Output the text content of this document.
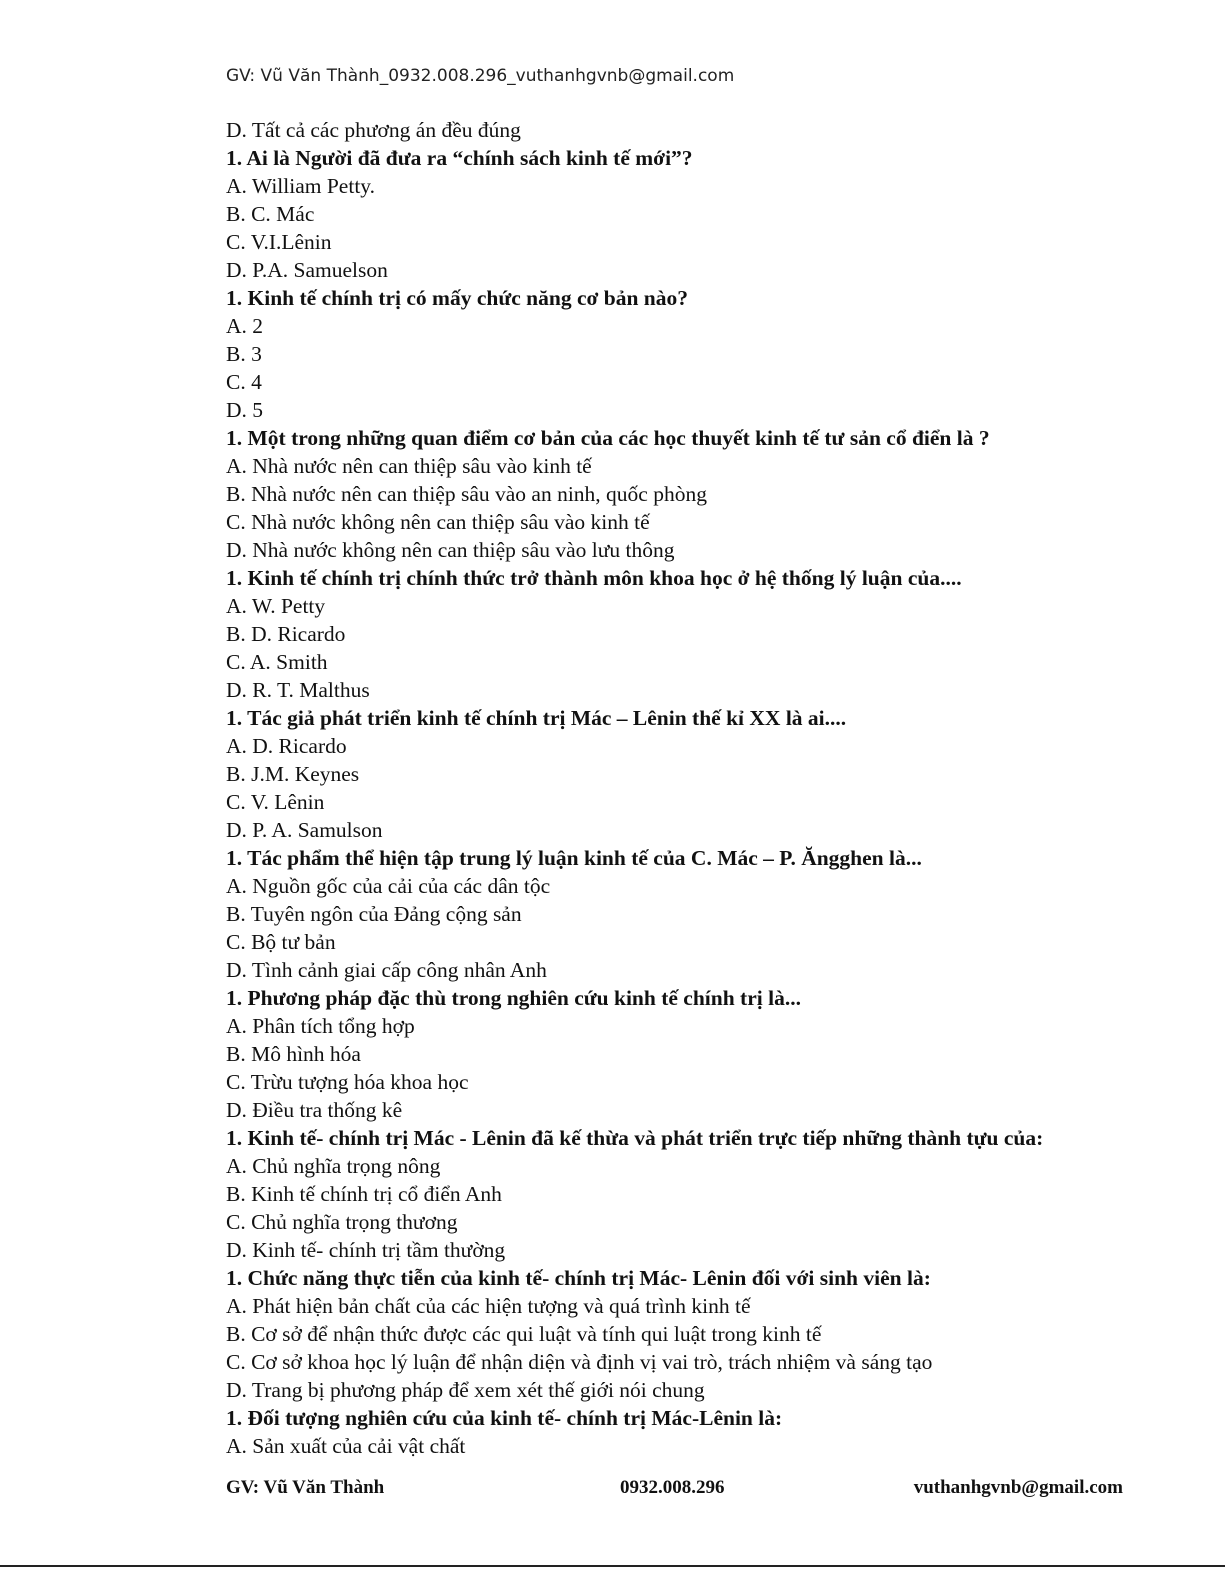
GV: Vũ Văn Thành_0932.008.296_vuthanhgvnb@gmail.com
D. Tất cả các phương án đều đúng
1. Ai là Người đã đưa ra “chính sách kinh tế mới”?
A. William Petty.
B. C. Mác
C. V.I.Lênin
D. P.A. Samuelson
1. Kinh tế chính trị có mấy chức năng cơ bản nào?
A. 2
B. 3
C. 4
D. 5
1. Một trong những quan điểm cơ bản của các học thuyết kinh tế tư sản cổ điển là ?
A. Nhà nước nên can thiệp sâu vào kinh tế
B. Nhà nước nên can thiệp sâu vào an ninh, quốc phòng
C. Nhà nước không nên can thiệp sâu vào kinh tế
D. Nhà nước không nên can thiệp sâu vào lưu thông
1. Kinh tế chính trị chính thức trở thành môn khoa học ở hệ thống lý luận của....
A. W. Petty
B. D. Ricardo
C. A. Smith
D. R. T. Malthus
1. Tác giả phát triển kinh tế chính trị Mác – Lênin thế kỉ XX là ai....
A. D. Ricardo
B. J.M. Keynes
C. V. Lênin
D. P. A. Samulson
1. Tác phẩm thể hiện tập trung lý luận kinh tế của C. Mác – P. Ăngghen là...
A. Nguồn gốc của cải của các dân tộc
B. Tuyên ngôn của Đảng cộng sản
C. Bộ tư bản
D. Tình cảnh giai cấp công nhân Anh
1. Phương pháp đặc thù trong nghiên cứu kinh tế chính trị là...
A. Phân tích tổng hợp
B. Mô hình hóa
C. Trừu tượng hóa khoa học
D. Điều tra thống kê
1. Kinh tế- chính trị Mác - Lênin đã kế thừa và phát triển trực tiếp những thành tựu của:
A. Chủ nghĩa trọng nông
B. Kinh tế chính trị cổ điển Anh
C. Chủ nghĩa trọng thương
D. Kinh tế- chính trị tầm thường
1. Chức năng thực tiễn của kinh tế- chính trị Mác- Lênin đối với sinh viên là:
A. Phát hiện bản chất của các hiện tượng và quá trình kinh tế
B. Cơ sở để nhận thức được các qui luật và tính qui luật trong kinh tế
C. Cơ sở khoa học lý luận để nhận diện và định vị vai trò, trách nhiệm và sáng tạo
D. Trang bị phương pháp để xem xét thế giới nói chung
1. Đối tượng nghiên cứu của kinh tế- chính trị Mác-Lênin là:
A. Sản xuất của cải vật chất
GV: Vũ Văn Thành	0932.008.296	vuthanhgvnb@gmail.com
